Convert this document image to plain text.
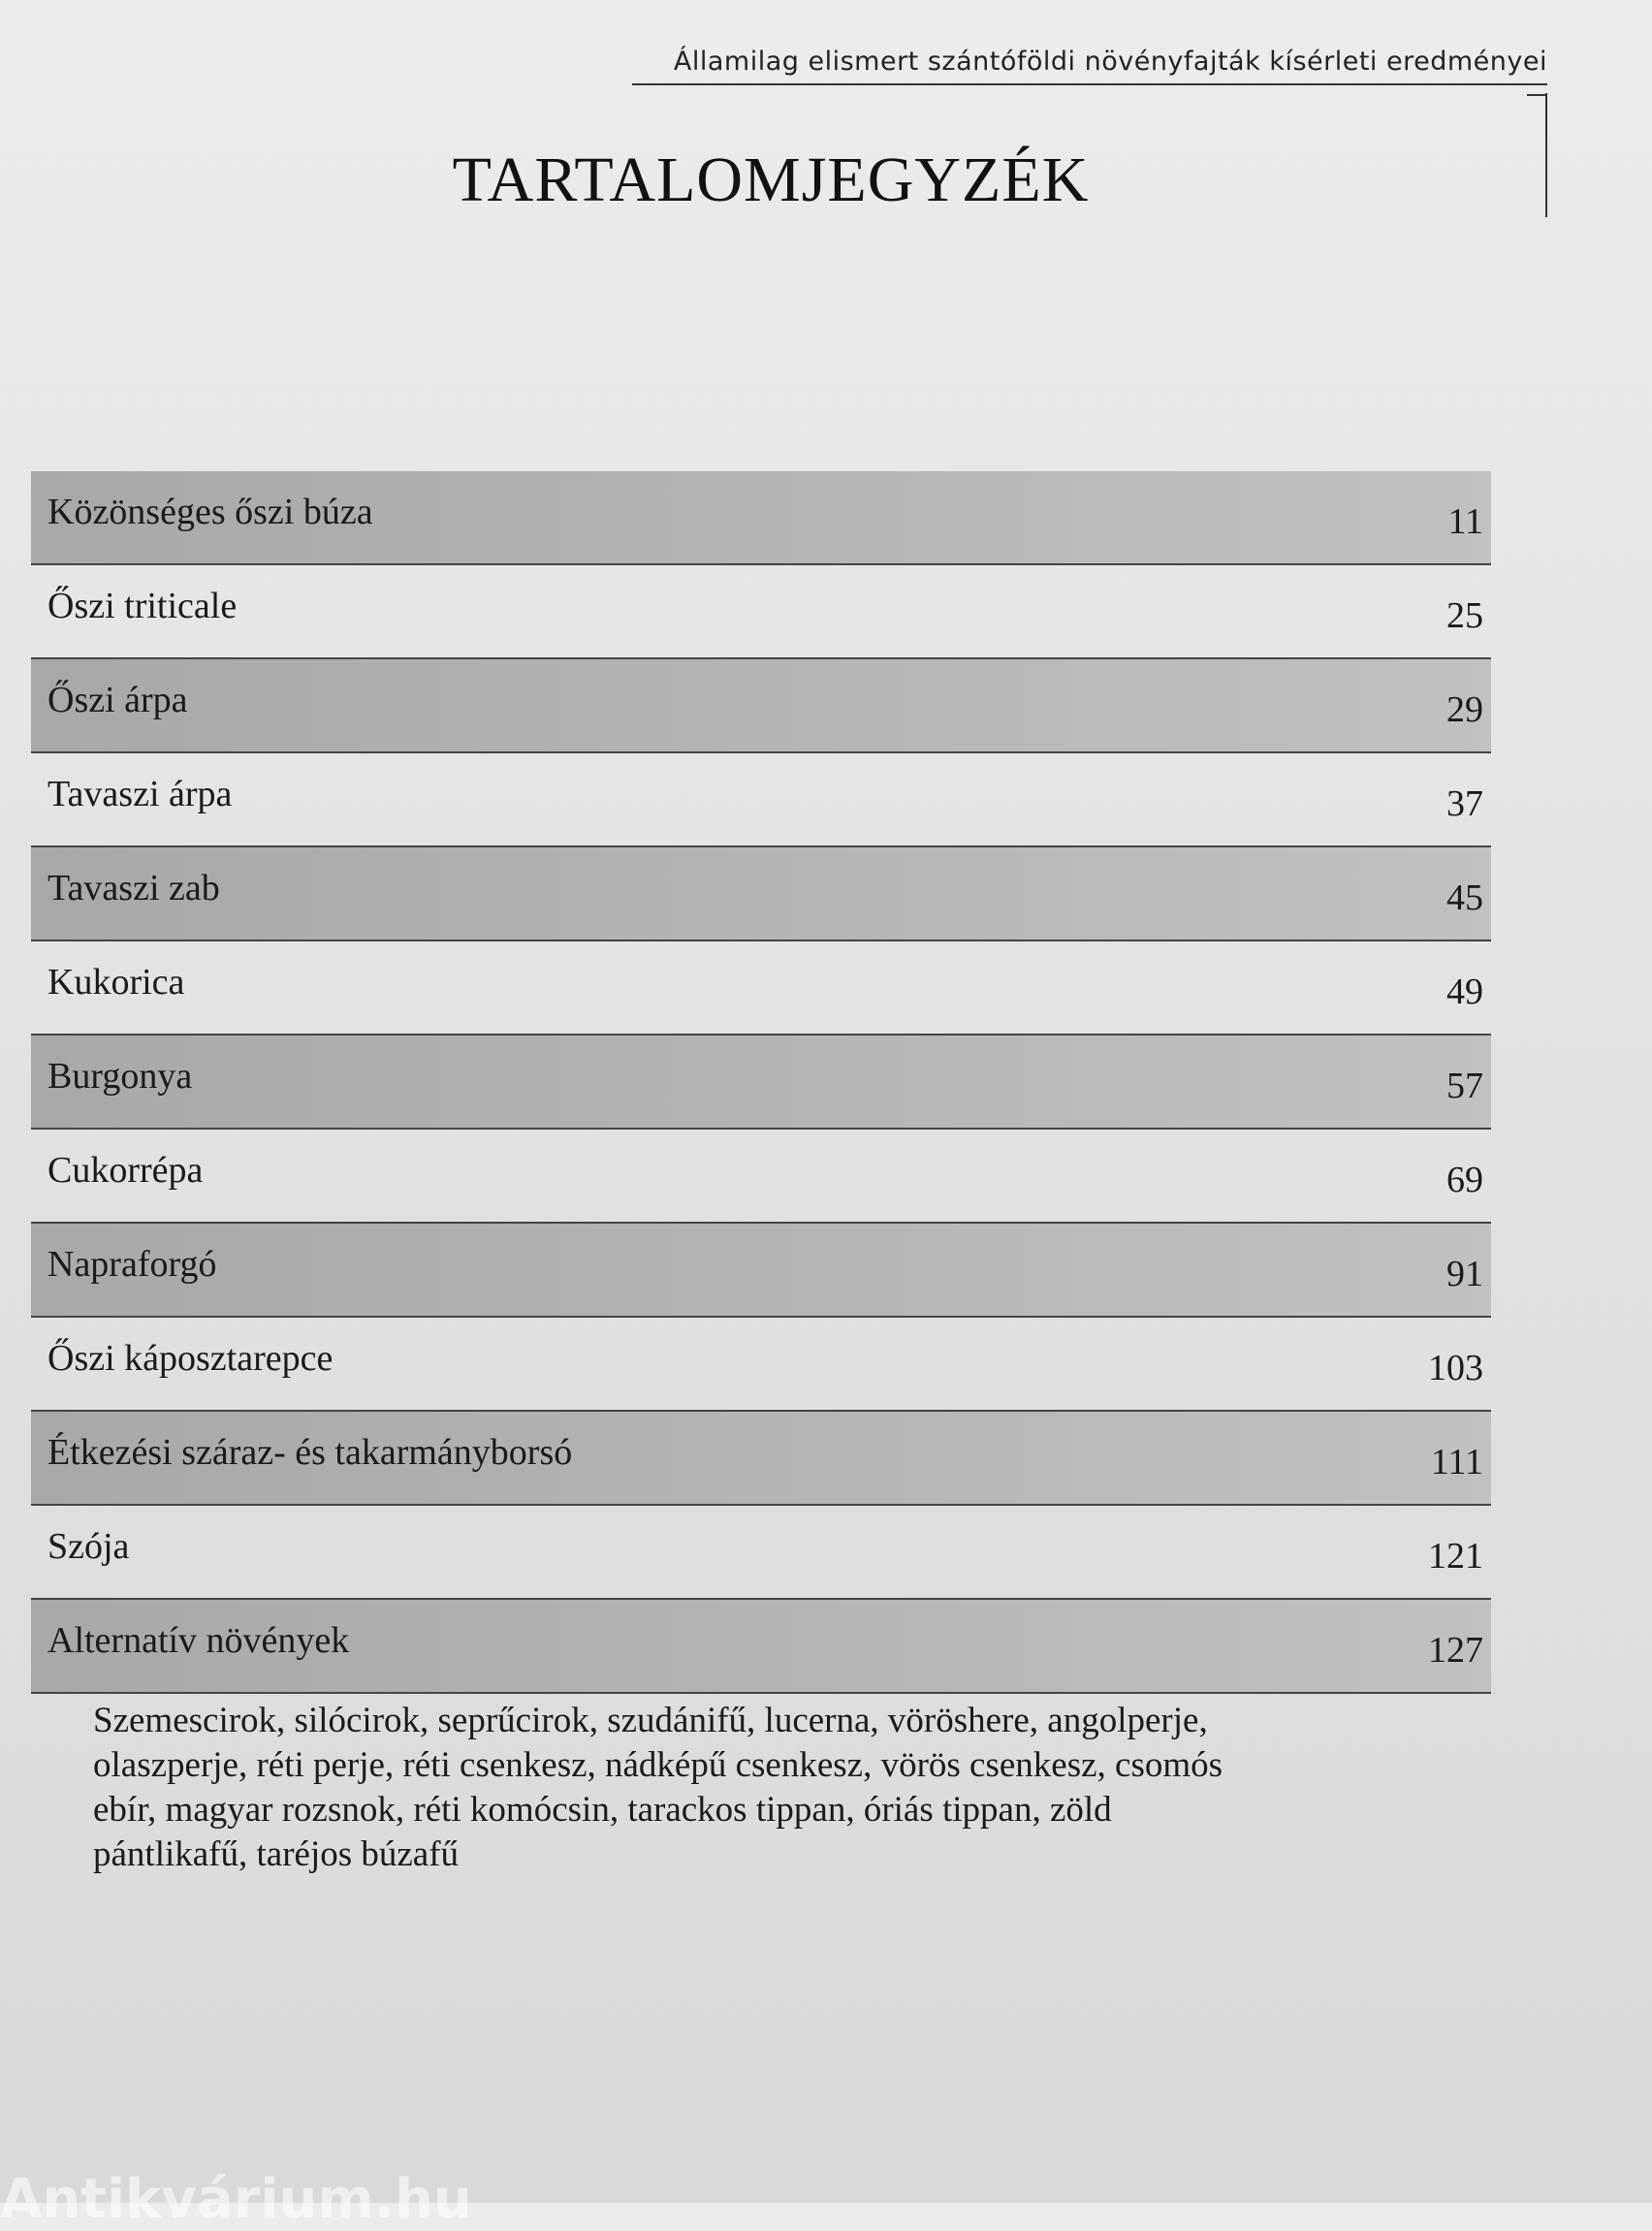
Államilag elismert szántóföldi növényfajták kísérleti eredményei
TARTALOMJEGYZÉK
Közönséges őszi búza	11
Őszi triticale	25
Őszi árpa	29
Tavaszi árpa	37
Tavaszi zab	45
Kukorica	49
Burgonya	57
Cukorrépa	69
Napraforgó	91
Őszi káposztarepce	103
Étkezési száraz- és takarmányborsó	111
Szója	121
Alternatív növények	127

Szemescirok, silócirok, seprűcirok, szudánifű, lucerna, vöröshere, angolperje, olaszperje, réti perje, réti csenkesz, nádképű csenkesz, vörös csenkesz, csomós ebír, magyar rozsnok, réti komócsin, tarackos tippan, óriás tippan, zöld pántlikafű, taréjos búzafű

Antikvárium.hu
